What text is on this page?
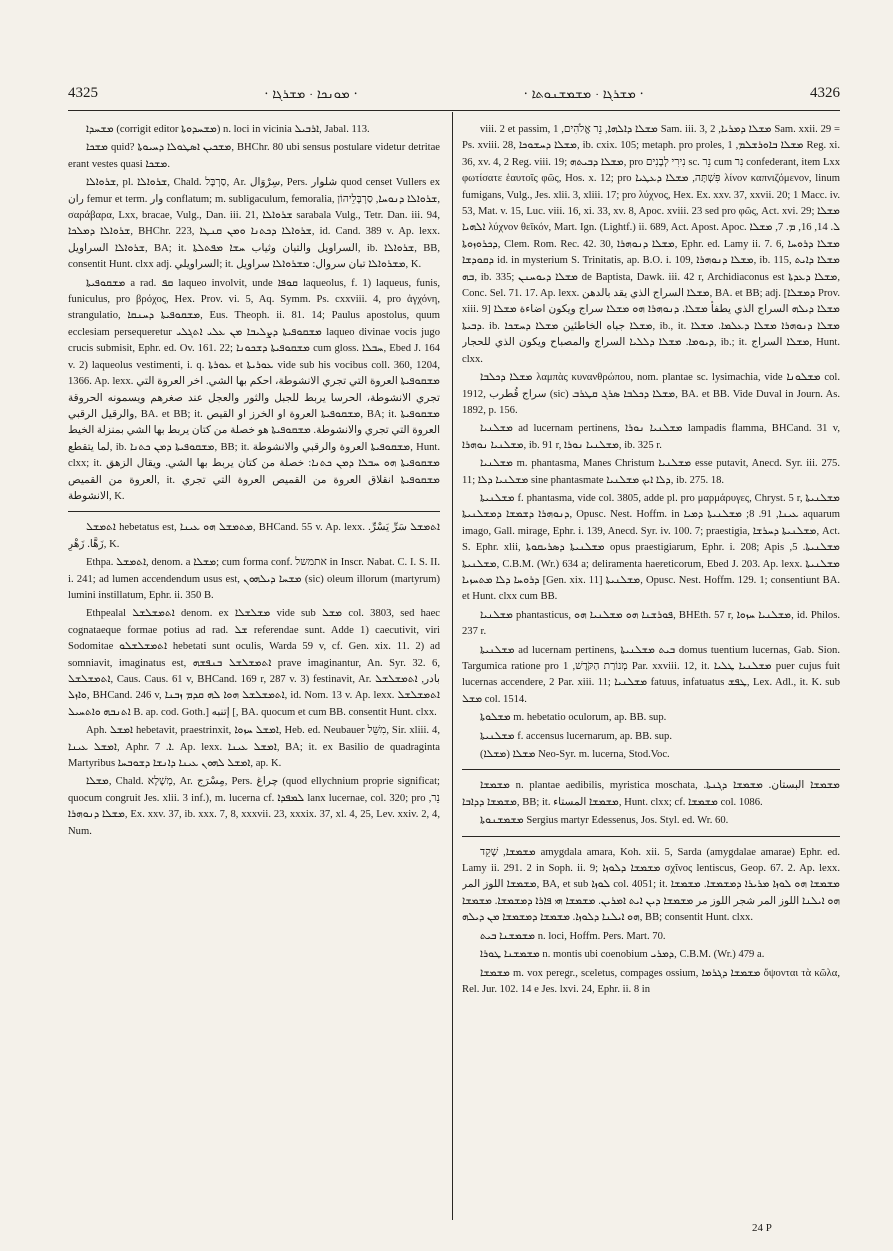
4325	⸱ ܡܘܢܟܐ ⸱ ܡܫܪܓܐ ⸱	⸱ ܡܫܪܓܐ ⸱ ܡܫܡܫܢܘܬܐ ⸱	4326

ܡܫܚܕܐ (corrigit editor ܡܫܚܕܘܬܐ) n. loci in vicinia ܐܪܒܝܠ, Jabal. 113.

ܡܫܟܐ quid? ܡܫܟܝܢ ܐܣܛܘܠܐ ܕܚܝܘܬܐ, BHChr. 80 ubi sensus postulare videtur detritae erant vestes quasi ܡܫܟܐ.

ܫܪܘܐܠܐ, pl. ܫܪܘܐܠܐ, Chald. סַרְבָּל, Ar. سِرْوَال, Pers. شلوار quod censet Vullers ex ران femur et term. وار conflatum; m. subligaculum, femoralia, ܫܪܘܐܠܐ ܕܢܘܚܐ, סַרְבָּלֵיהוֹן, σαράβαρα, Lxx, bracae, Vulg., Dan. iii. 21, ܫܪܘܐܠܐ sarabala Vulg., Tetr. Dan. iii. 94, ܫܪܘܐܠܐ ܕܡܠܟܐ, BHChr. 223, ܫܪܘܐܠܐ ܕܟܬܢܐ ܘܡܢ ܩܢܛܐ, id. Cand. 389 v. Ap. lexx. ܫܪܘܐܠܐ السراويل, BA; it. السراويل والتبان وثياب ܚܫܐ ܡܦܬܠܬܐ, ib. ܫܪܘܐܠܐ, BB, consentit Hunt. clxx adj. السراويلي; it. ܡܫܪܘܐܠܐ تبان سروال: ܡܫܪܘܐܠܐ سراويل, K.

ܡܫܩܘܦܝܬܐ a rad. ܩܦ laqueo involvit, unde ܩܘܦܐ laqueolus, f. 1) laqueus, funis, funiculus, pro βρόχος, Hex. Prov. vi. 5, Aq. Symm. Ps. cxxviii. 4, pro ἀγχόνη, strangulatio, ܡܫܩܘܦܝܬܐ ܕܚܢܩܐ, Eus. Theoph. ii. 81. 14; Paulus apostolus, quum ecclesiam persequeretur ܡܫܩܘܦܝܬܐ ܕܨܠܝܒܐ ܡܢ ܥܠܝ ܐܬܓܠܝ laqueo divinae vocis jugo crucis submisit, Ephr. ed. Ov. 161. 22; ܡܫܩܘܦܝܬܐ ܕܫܟܘܢܐ cum gloss. ܚܒܠܐ, Ebed J. 164 v. 2) laqueolus vestimenti, i. q. ܥܘܪܬܐ et ܥܘܪܝܬܐ vide sub his vocibus coll. 360, 1204, 1366. Ap. lexx. ܡܫܩܘܦܝܬܐ العروة التي تجري الانشوطة، احكم بها الشي. اخر العروة التي تجري الانشوطة، الحرسا يربط للجبل والثور والعجل عند صغرهم ويسمونه الحروقة والرقيل الرقبي, BA. et BB; it. ܡܫܩܘܦܝܬܐ العروة او الخرز او القيص, BA; it. ܡܫܩܘܦܝܬܐ العروة التي تجري والانشوطة. ܡܫܩܘܦܝܬܐ هو خصلة من كتان يربط بها الشي بمنزلة الخيط لما يتقطع, ib. ܡܫܩܘܦܝܬܐ ܕܡܢ ܟܬܢܐ, BB; it. ܡܫܩܘܦܝܬܐ العروة والرقبي والانشوطة, Hunt. clxx; it. ܡܫܩܘܦܝܬܐ ܗܘ ܚܒܠܐ ܕܡܢ ܟܬܢܐ: خصلة من كتان يربط بها الشي. ويقال الزهق العروة من القميص, it. ܡܫܩܘܦܝܬܐ انقلاق العروة من القميص العروة التي تجري الانشوطة, K.

ܐܬܡܫܠ hebetatus est, ܡܬܡܫܠ ܗܘ ܥܝܢܐ, BHCand. 55 v. Ap. lexx. ܐܬܡܫܠ سَرِّ يَسْرِّ. زَهَّا. زَهْرِ, K.

Ethpa. ܐܬܡܫܠ, denom. a ܡܫܠܐ; cum forma conf. אתמשל in Inscr. Nabat. C. I. S. II. i. 241; ad lumen accendendum usus est, ܡܫܚܐ ܕܝܠܗܘܢ (sic) oleum illorum (martyrum) lumini instillatum, Ephr. ii. 350 B.

Ethpealal ܐܬܡܫܠܫܠ denom. ex ܡܫܠܫܠܐ vide sub ܡܫܠ col. 3803, sed haec cognataeque formae potius ad rad. ܫܠ referendae sunt. Adde 1) caecutivit, viri Sodomitae ܐܬܡܫܠܫܠܘ hebetati sunt oculis, Warda 59 v, cf. Gen. xix. 11. 2) ad somniavit, imaginatus est, ܐܬܡܫܠܫܠ ܒܢܦܫܗ prave imaginantur, An. Syr. 32. 6, ܐܬܡܫܠܫܠ, Caus. Caus. 61 v, BHCand. 169 r, 287 v. 3) festinavit, Ar. بادر, ܐܬܡܫܠܫܠ ܘܐܙܠ, BHCand. 246 v, ܐܬܡܫܠܫܠ ܗܘܐ ܠܗ ܩܕܡ ܙܒܢܐ, id. Nom. 13 v. Ap. lexx. ܐܬܡܫܠܫܠ ܐܬܢܒܗ ܘܐܬܚܝܠ B. ap. cod. Goth.] إتنبه [, BA. quocum et cum BB. consentit Hunt. clxx.

Aph. ܐܡܫܠ hebetavit, praestrinxit, ܐܡܫܠ ܚܙܘܐ, Heb. ed. Neubauer מִשֵּׁל, Sir. xliii. 4, ܐܡܫܠ ܥܝܢܐ, Aphr. ܐ. 7. Ap. lexx. ܐܡܫܠ ܥܝܢܐ, BA; it. ex Basilio de quadraginta Martyribus ܐܡܫܠ ܠܗܘܢ ܥܝܢܐ ܕܐܢܫܐ ܕܫܘܒܚܐ, ap. K.

ܡܫܠܐ, Chald. מְשָׁלָא, Ar. مِسْرَج, Pers. چراغ (quod ellychnium proprie significat; quocum congruit Jes. xlii. 3 inf.), m. lucerna cf. ܠܡܦܕܐ lanx lucernae, col. 320; pro נֵר, ܡܫܠܐ ܕܢܘܗܪܐ, Ex. xxv. 37, ib. xxx. 7, 8, xxxvii. 23, xxxix. 37, xl. 4, 25, Lev. xxiv. 2, 4, Num.

viii. 2 et passim, ܡܫܠܐ ܕܐܠܗܐ, נֵר אֱלֹהִים, 1 Sam. iii. 3, ܡܫܠܐ ܕܡܪܝܐ, 2 Sam. xxii. 29 = Ps. xviii. 28, ܡܫܠܐ ܕܚܫܘܟܐ, ib. cxix. 105; metaph. pro proles, ܡܫܠܐ ܒܐܘܪܫܠܡ, 1 Reg. xi. 36, xv. 4, 2 Reg. viii. 19; ܡܫܠܐ ܕܒܝܬܗ, pro נִירִי לְבָנִים sc. נֵר cum נִר confederant, item Lxx φωτίσατε ἑαυτοῖς φῶς, Hos. x. 12; pro פִּשְׁתָּה, ܡܫܠܐ ܕܥܛܝܐ λίνον καπνιζόμενον, linum fumigans, Vulg., Jes. xlii. 3, xliii. 17; pro λύχνος, Hex. Ex. xxv. 37, xxvii. 20; 1 Macc. iv. 53, Mat. v. 15, Luc. viii. 16, xi. 33, xv. 8, Apoc. xviii. 23 sed pro φῶς, Act. xvi. 29; ܡܫܠܐ ܐܠܗܝܐ λύχνον θεῖκόν, Mart. Ign. (Lightf.) ii. 689, Act. Apost. Apoc. ܠ. 14, 16, ܡ. 7, ܡܫܠܐ ܕܟܪܘܙܘܬܐ, Clem. Rom. Rec. 42. 30, ܡܫܠܐ ܕܢܘܗܪܐ, Ephr. ed. Lamy ii. 7. 6, ܡܫܠܐ ܕܪܘܚܐ ܕܩܘܕܫܐ id. in mysterium S. Trinitatis, ap. B.O. i. 109, ܡܫܠܐ ܕܢܘܗܪܐ, ib. 115, ܡܫܠܐ ܕܐܝܬ ܒܗ, ib. 335; ܡܫܠܐ ܕܝܘܚܢܢ de Baptista, Dawk. iii. 42 r, Archidiaconus est ܡܫܠܐ ܕܥܕܬܐ, Conc. Sel. 71. 17. Ap. lexx. ܡܫܠܐ السراج الذي يقد بالدهن, BA. et BB; adj. [ܕܡܫܠܐ Prov. xiii. 9] ܡܫܠܐ ܕܝܠܗ السراج الذي يطفأ ܡܫܠܐ. ܕܢܘܗܪܐ ܗܘ ܡܫܠܐ سراج ويكون اضاءة ܡܫܠܐ ܕܒܝܬܐ. ib. ܡܫܠܐ جباه الخاطئين ܡܫܠܐ ܕܚܫܟܐ, ib., it. ܡܫܠܐ ܕܢܘܗܪܐ ܡܫܠܐ ܕܥܠܡܐ. ܡܫܠܐ ܕܝܘܡܐ. ܡܫܠܐ ܕܠܠܝܐ السراج والمصباح ويكون الذي للحجار, ib.; it. ܡܫܠܐ السراج, Hunt. clxx.

ܡܫܠܐ ܕܟܠܒܐ λαμπὰς κυνανθρώπου, nom. plantae sc. lysimachia, vide ܡܫܠܘܢܐ col. 1912, سراج قُطرب (sic) ܡܫܠܐ ܕܟܠܒܐ ܣܪܓ ܩܛܪܒ, BA. et BB. Vide Duval in Journ. As. 1892, p. 156.

ܡܫܠܢܝܐ ad lucernam pertinens, ܡܫܠܢܝܐ ܢܘܪܐ lampadis flamma, BHCand. 31 v, ܡܫܠܢܝܐ ܢܘܗܪܐ, ib. 91 r, ܡܫܠܢܝܐ ܢܘܪܐ, ib. 325 r.

ܡܫܠܢܝܐ m. phantasma, Manes Christum ܡܫܠܢܝܐ esse putavit, Anecd. Syr. iii. 275. 11; ܡܫܠܢܝܐ ܕܠܐ sine phantasmate ܕܠܐ ܐܝܟ ܡܫܠܢܝܐ, ib. 275. 18.

ܡܫܠܢܝܬܐ f. phantasma, vide col. 3805, adde pl. pro μαρμάρυγες, Chryst. 5 r, ܡܫܠܢܝܬܐ ܕܢܘܗܪܐ ܕܫܡܫܐ ܕܡܫܠܢܝܬܐ, Opusc. Nest. Hoffm. in ܥܝܢܐ, 91. 8; ܡܫܠܢܝܬܐ ܕܡܝܐ aquarum imago, Gall. mirage, Ephr. i. 139, Anecd. Syr. iv. 100. 7; praestigia, ܡܫܠܢܝܬܐ ܕܚܪܫܐ, Act. S. Ephr. xlii, ܡܫܠܢܝܬܐ ܕܣܪܝܩܘܬܐ opus praestigiarum, Ephr. i. 208; Apis ܡܫܠܢܝܬܐ. 5, ܡܫܠܢܝܬܐ, C.B.M. (Wr.) 634 a; deliramenta haereticorum, Ebed J. 203. Ap. lexx. ܡܫܠܢܝܬܐ ܕܪܘܚܐ ܕܠܐ ܡܬܚܙܝܐ [Gen. xix. 11] ܡܫܠܢܝܬܐ, Opusc. Nest. Hoffm. 129. 1; consentiunt BA. et Hunt. clxx cum BB.

ܡܫܠܢܝܐ phantasticus, ܦܘܪܫܢܐ ܗܘ ܡܫܠܢܝܐ ܗܘ, BHEth. 57 r, ܡܫܠܢܝܐ ܚܙܘܐ, id. Philos. 237 r.

ܡܫܠܢܝܬܐ ad lucernam pertinens, ܒܝܬ ܡܫܠܢܝܬܐ domus tuentium lucernas, Gab. Sion. Targumica ratione pro מְנוֹרַת הַקֹּדֶשׁ, 1 Par. xxviii. 12, it. ܡܫܠܢܝܐ ܛܠܝܐ puer cujus fuit lucernas accendere, 2 Par. xiii. 11; ܡܫܠܢܝܐ fatuus, infatuatus ܛܦܫ, Lex. Adl., it. K. sub ܡܫܠ col. 1514.

ܡܫܠܘܬܐ m. hebetatio oculorum, ap. BB. sup.

ܡܫܠܢܝܬܐ f. accensus lucernarum, ap. BB. sup.

ܡܫܠܐ (ܡܫܠܐ) Neo-Syr. m. lucerna, Stod.Voc.

ܡܫܡܫܐ n. plantae aedibilis, myristica moschata, ܡܫܡܫܐ البستان. ܡܫܡܫܐ ܕܓܢܬܐ. ܡܫܡܫܐ ܕܕܐܒܐ, BB; it. ܡܫܡܫܐ المستاء, Hunt. clxx; cf. ܡܫܡܫܐ col. 1086.

ܡܫܡܫܢܘܬܐ Sergius martyr Edessenus, Jos. Styl. ed. Wr. 60.

ܡܫܡܫܐ, שָׁקֵד amygdala amara, Koh. xii. 5, Sarda (amygdalae amarae) Ephr. ed. Lamy ii. 291. 2 in Soph. ii. 9; ܡܫܡܫܐ ܕܠܘܙܐ σχῖνος lentiscus, Geop. 67. 2. Ap. lexx. ܡܫܡܫܐ اللوز المر, BA, et sub ܠܘܙܐ col. 4051; it. ܡܫܡܫܐ ܗܘ ܠܘܙܐ ܡܪܝܪܐ ܕܡܫܡܫܐ. ܡܫܡܫܐ ܗܘ ܐܝܠܢܐ اللوز المر شجر اللوز مر ܡܫܡܫܐ ܕܝܢ ܐܝܬ ܐܡܪܝܢ. ܡܫܡܫܐ ܗܝ ܦܐܪܐ ܕܡܫܡܫܐ. ܡܫܡܫܐ ܗܘ ܐܝܠܢܐ ܕܠܘܙܐ. ܡܫܡܫܐ ܕܡܫܡܫܐ ܡܢ ܕܝܠܗ, BB; consentit Hunt. clxx.

ܡܫܡܫܢܐ ܒܝܬ n. loci, Hoffm. Pers. Mart. 70.

ܡܫܡܫܢܐ ܛܘܪܐ n. montis ubi coenobium ܕܡܪܝ, C.B.M. (Wr.) 479 a.

ܡܫܡܫܐ m. vox peregr., sceletus, compages ossium, ܡܫܡܫܐ ܕܓܪܡܐ ὄψονται τὰ κῶλα, Rel. Jur. 102. 14 e Jes. lxvi. 24, Ephr. ii. 8 in

24 P
